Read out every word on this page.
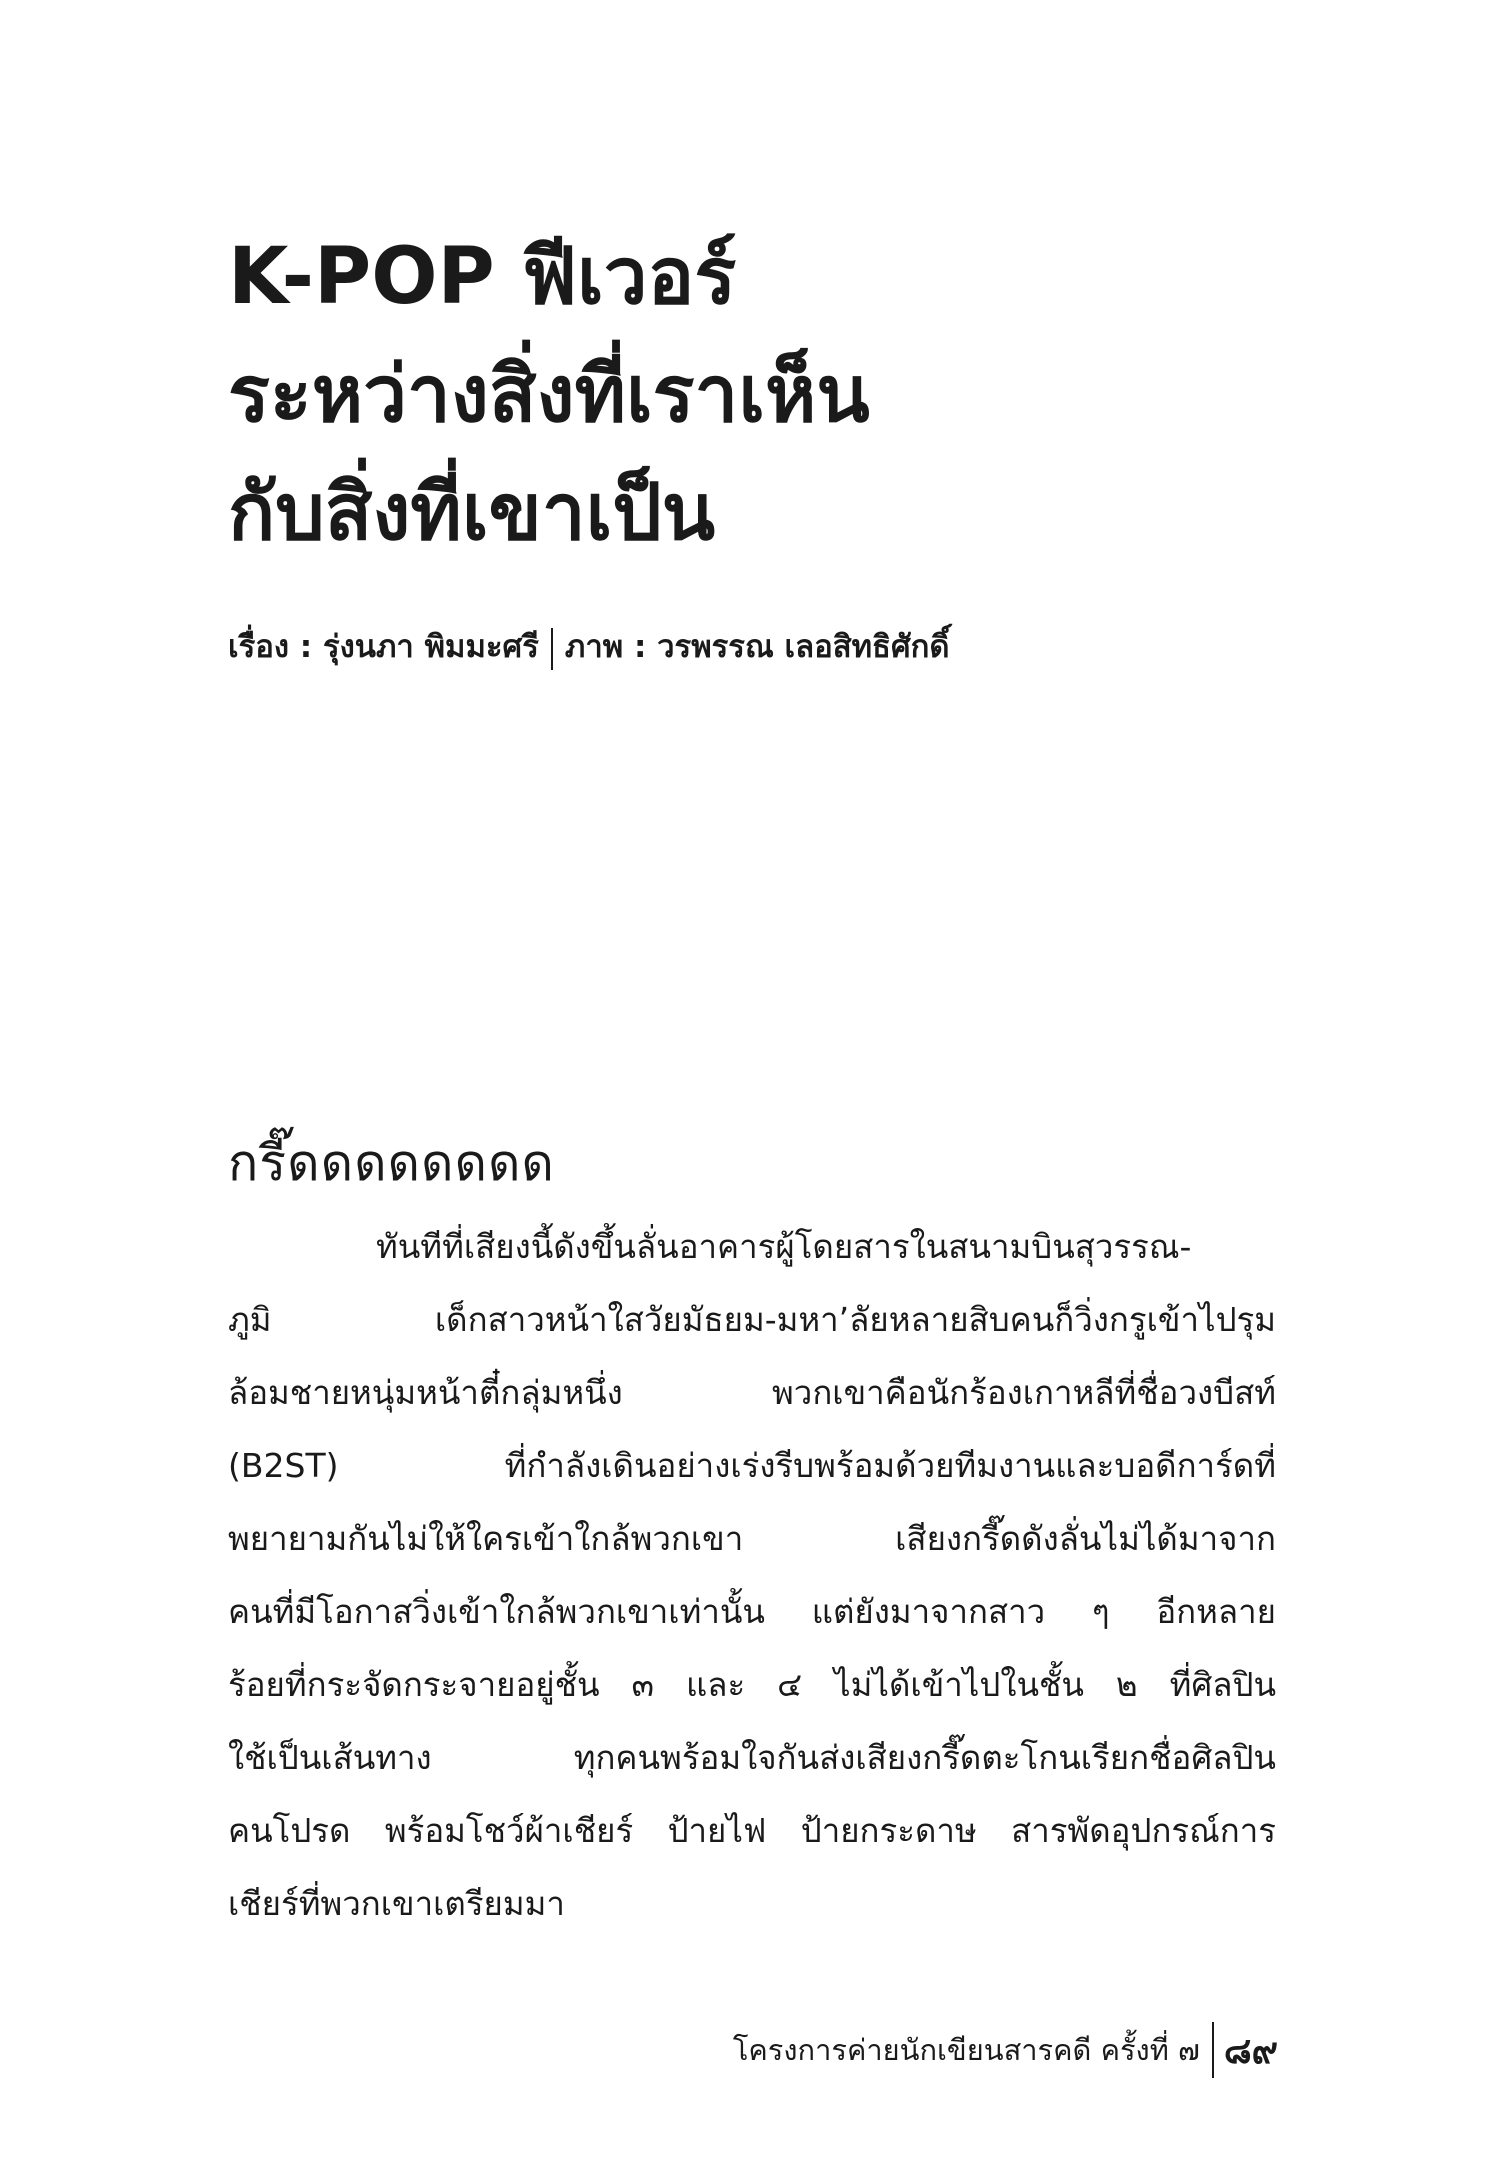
K-POP ฟีเวอร์
ระหว่างสิ่งที่เราเห็น
กับสิ่งที่เขาเป็น
เรื่อง : รุ่งนภา พิมมะศรี ภาพ : วรพรรณ เลอสิทธิศักดิ์
กรี๊ดดดดดดดด
ทันทีที่เสียงนี้ดังขึ้นลั่นอาคารผู้โดยสารในสนามบินสุวรรณ-
ภูมิ เด็กสาวหน้าใสวัยมัธยม-มหา’ลัยหลายสิบคนก็วิ่งกรูเข้าไปรุม
ล้อมชายหนุ่มหน้าตี๋กลุ่มหนึ่ง พวกเขาคือนักร้องเกาหลีที่ชื่อวงบีสท์
(B2ST) ที่กำลังเดินอย่างเร่งรีบพร้อมด้วยทีมงานและบอดีการ์ดที่
พยายามกันไม่ให้ใครเข้าใกล้พวกเขา เสียงกรี๊ดดังลั่นไม่ได้มาจาก
คนที่มีโอกาสวิ่งเข้าใกล้พวกเขาเท่านั้น แต่ยังมาจากสาว ๆ อีกหลาย
ร้อยที่กระจัดกระจายอยู่ชั้น ๓ และ ๔ ไม่ได้เข้าไปในชั้น ๒ ที่ศิลปิน
ใช้เป็นเส้นทาง ทุกคนพร้อมใจกันส่งเสียงกรี๊ดตะโกนเรียกชื่อศิลปิน
คนโปรด พร้อมโชว์ผ้าเชียร์ ป้ายไฟ ป้ายกระดาษ สารพัดอุปกรณ์การ
เชียร์ที่พวกเขาเตรียมมา
โครงการค่ายนักเขียนสารคดี ครั้งที่ ๗ ๘๙
